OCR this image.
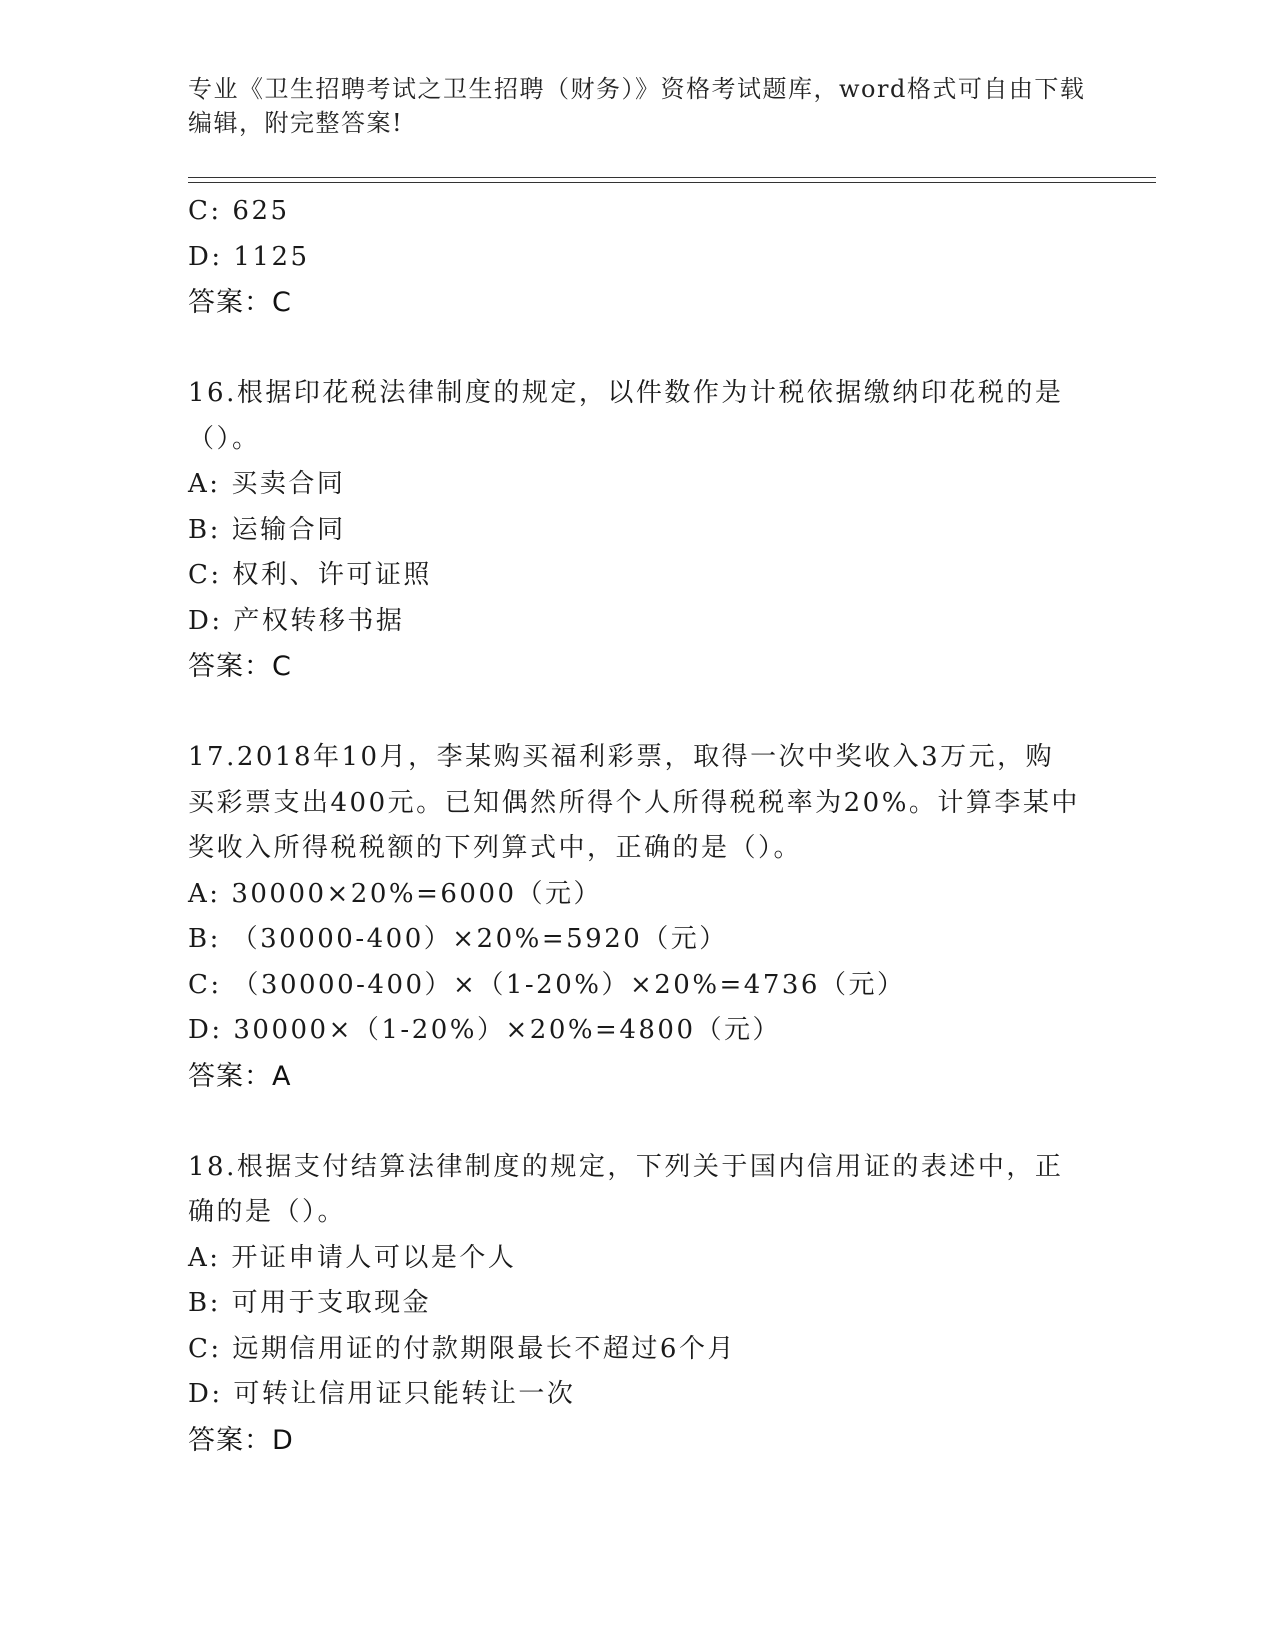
专业《卫生招聘考试之卫生招聘（财务）》资格考试题库，word格式可自由下载
编辑，附完整答案!
C: 625
D: 1125
答案：C
16.根据印花税法律制度的规定，以件数作为计税依据缴纳印花税的是
（）。
A: 买卖合同
B: 运输合同
C: 权利、许可证照
D: 产权转移书据
答案：C
17.2018年10月，李某购买福利彩票，取得一次中奖收入3万元，购
买彩票支出400元。已知偶然所得个人所得税税率为20%。计算李某中
奖收入所得税税额的下列算式中，正确的是（）。
A: 30000×20%=6000（元）
B: （30000-400）×20%=5920（元）
C: （30000-400）×（1-20%）×20%=4736（元）
D: 30000×（1-20%）×20%=4800（元）
答案：A
18.根据支付结算法律制度的规定，下列关于国内信用证的表述中，正
确的是（）。
A: 开证申请人可以是个人
B: 可用于支取现金
C: 远期信用证的付款期限最长不超过6个月
D: 可转让信用证只能转让一次
答案：D
